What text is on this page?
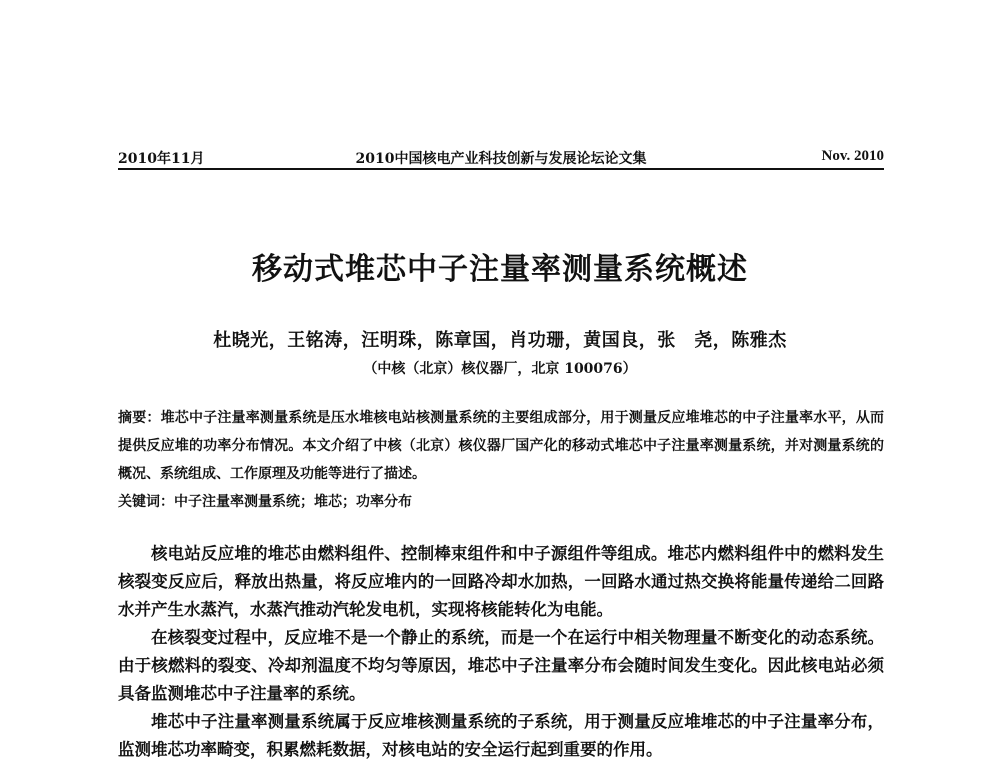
2010年11月	2010中国核电产业科技创新与发展论坛论文集	Nov. 2010
移动式堆芯中子注量率测量系统概述
杜晓光，王铭涛，汪明珠，陈章国，肖功珊，黄国良，张　尧，陈雅杰
（中核（北京）核仪器厂，北京 100076）
摘要：堆芯中子注量率测量系统是压水堆核电站核测量系统的主要组成部分，用于测量反应堆堆芯的中子注量率水平，从而提供反应堆的功率分布情况。本文介绍了中核（北京）核仪器厂国产化的移动式堆芯中子注量率测量系统，并对测量系统的概况、系统组成、工作原理及功能等进行了描述。
关键词：中子注量率测量系统；堆芯；功率分布

核电站反应堆的堆芯由燃料组件、控制棒束组件和中子源组件等组成。堆芯内燃料组件中的燃料发生核裂变反应后，释放出热量，将反应堆内的一回路冷却水加热，一回路水通过热交换将能量传递给二回路水并产生水蒸汽，水蒸汽推动汽轮发电机，实现将核能转化为电能。

在核裂变过程中，反应堆不是一个静止的系统，而是一个在运行中相关物理量不断变化的动态系统。由于核燃料的裂变、冷却剂温度不均匀等原因，堆芯中子注量率分布会随时间发生变化。因此核电站必须具备监测堆芯中子注量率的系统。

堆芯中子注量率测量系统属于反应堆核测量系统的子系统，用于测量反应堆堆芯的中子注量率分布，监测堆芯功率畸变，积累燃耗数据，对核电站的安全运行起到重要的作用。
